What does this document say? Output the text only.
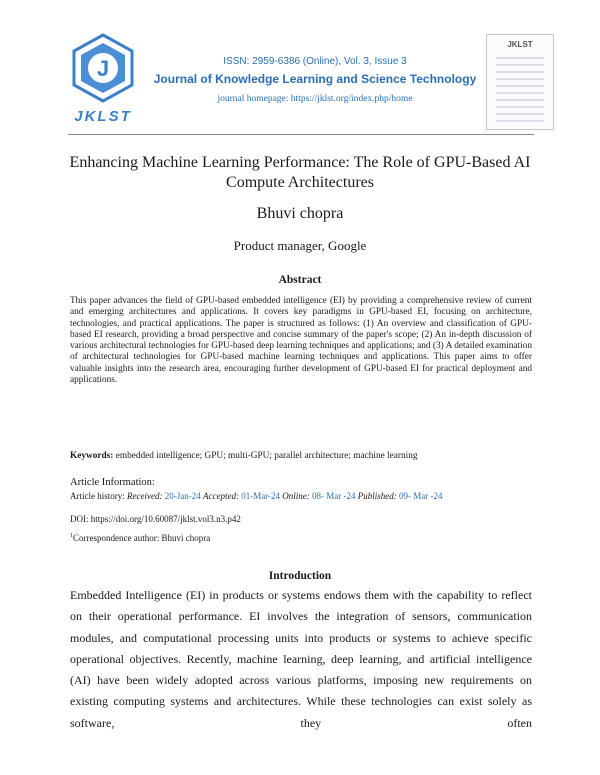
J
JKLST
ISSN: 2959-6386 (Online), Vol. 3, Issue 3
Journal of Knowledge Learning and Science Technology
journal homepage: https://jklst.org/index.php/home
JKLST
Enhancing Machine Learning Performance: The Role of GPU-Based AI Compute Architectures
Bhuvi chopra
Product manager, Google
Abstract
This paper advances the field of GPU-based embedded intelligence (EI) by providing a comprehensive review of current and emerging architectures and applications. It covers key paradigms in GPU-based EI, focusing on architecture, technologies, and practical applications. The paper is structured as follows: (1) An overview and classification of GPU-based EI research, providing a broad perspective and concise summary of the paper's scope; (2) An in-depth discussion of various architectural technologies for GPU-based deep learning techniques and applications; and (3) A detailed examination of architectural technologies for GPU-based machine learning techniques and applications. This paper aims to offer valuable insights into the research area, encouraging further development of GPU-based EI for practical deployment and applications.
Keywords: embedded intelligence; GPU; multi-GPU; parallel architecture; machine learning
Article Information:
Article history: Received: 20-Jan-24 Accepted: 01-Mar-24 Online: 08- Mar -24 Published: 09- Mar -24
DOI: https://doi.org/10.60087/jklst.vol3.n3.p42
$^1$Correspondence author: Bhuvi chopra
Introduction
Embedded Intelligence (EI) in products or systems endows them with the capability to reflect on their operational performance. EI involves the integration of sensors, communication modules, and computational processing units into products or systems to achieve specific operational objectives. Recently, machine learning, deep learning, and artificial intelligence (AI) have been widely adopted across various platforms, imposing new requirements on existing computing systems and architectures. While these technologies can exist solely as software, they often
